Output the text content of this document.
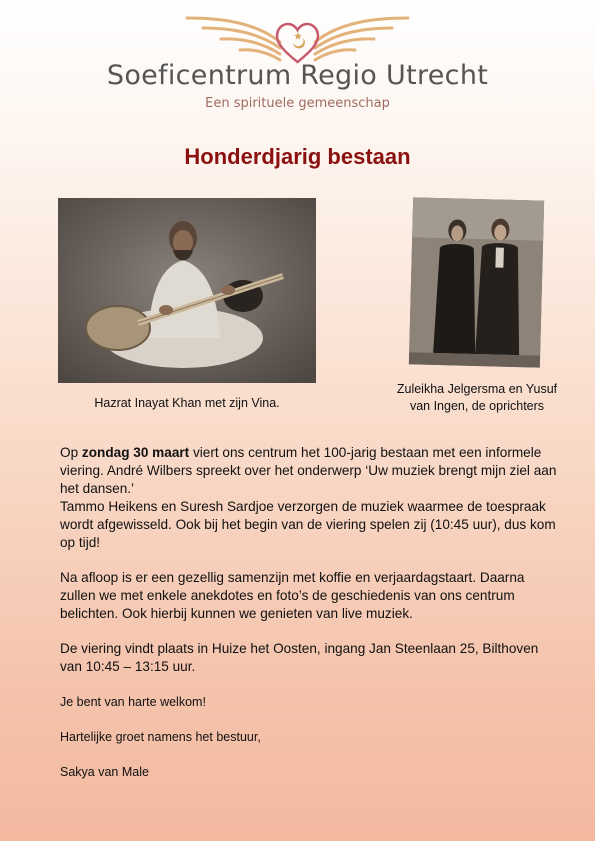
Soeficentrum Regio Utrecht
Een spirituele gemeenschap
Honderdjarig bestaan
Hazrat Inayat Khan met zijn Vina.
Zuleikha Jelgersma en Yusuf
van Ingen, de oprichters

Op zondag 30 maart viert ons centrum het 100-jarig bestaan met een informele viering. André Wilbers spreekt over het onderwerp ‘Uw muziek brengt mijn ziel aan het dansen.’

Tammo Heikens en Suresh Sardjoe verzorgen de muziek waarmee de toespraak wordt afgewisseld. Ook bij het begin van de viering spelen zij (10:45 uur), dus kom op tijd!

Na afloop is er een gezellig samenzijn met koffie en verjaardagstaart. Daarna zullen we met enkele anekdotes en foto’s de geschiedenis van ons centrum belichten. Ook hierbij kunnen we genieten van live muziek.

De viering vindt plaats in Huize het Oosten, ingang Jan Steenlaan 25, Bilthoven van 10:45 – 13:15 uur.

Je bent van harte welkom!

Hartelijke groet namens het bestuur,

Sakya van Male
